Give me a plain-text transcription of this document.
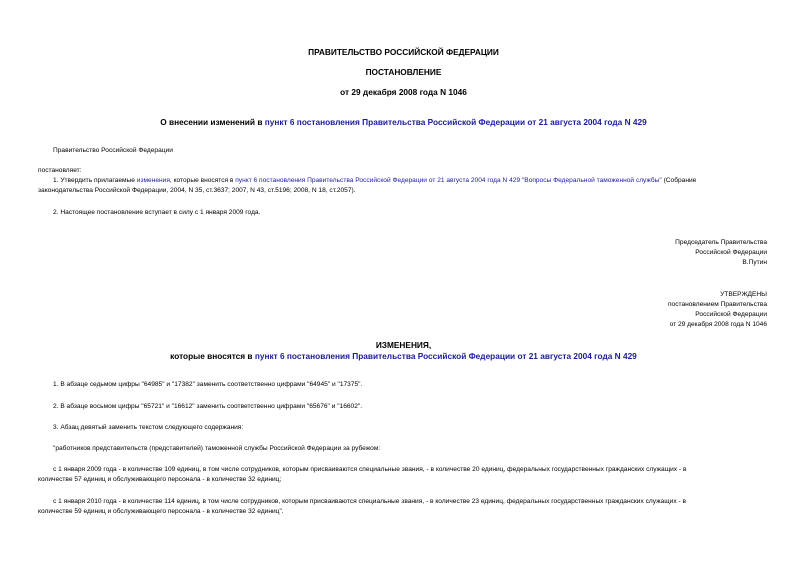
ПРАВИТЕЛЬСТВО РОССИЙСКОЙ ФЕДЕРАЦИИ
ПОСТАНОВЛЕНИЕ
от 29 декабря 2008 года N 1046
О внесении изменений в пункт 6 постановления Правительства Российской Федерации от 21 августа 2004 года N 429
Правительство Российской Федерации
постановляет:
1. Утвердить прилагаемые изменения, которые вносятся в пункт 6 постановления Правительства Российской Федерации от 21 августа 2004 года N 429 "Вопросы Федеральной таможенной службы" (Собрание
законодательства Российской Федерации, 2004, N 35, ст.3637; 2007, N 43, ст.5196; 2008, N 18, ст.2057).
2. Настоящее постановление вступает в силу с 1 января 2009 года.
Председатель Правительства
Российской Федерации
В.Путин
УТВЕРЖДЕНЫ
постановлением Правительства
Российской Федерации
от 29 декабря 2008 года N 1046
ИЗМЕНЕНИЯ,
которые вносятся в пункт 6 постановления Правительства Российской Федерации от 21 августа 2004 года N 429
1. В абзаце седьмом цифры "64985" и "17382" заменить соответственно цифрами "64945" и "17375".
2. В абзаце восьмом цифры "65721" и "16612" заменить соответственно цифрами "65676" и "16602".
3. Абзац девятый заменить текстом следующего содержания:
"работников представительств (представителей) таможенной службы Российской Федерации за рубежом:
с 1 января 2009 года - в количестве 109 единиц, в том числе сотрудников, которым присваиваются специальные звания, - в количестве 20 единиц, федеральных государственных гражданских служащих - в
количестве 57 единиц и обслуживающего персонала - в количестве 32 единиц;
с 1 января 2010 года - в количестве 114 единиц, в том числе сотрудников, которым присваиваются специальные звания, - в количестве 23 единиц, федеральных государственных гражданских служащих - в
количестве 59 единиц и обслуживающего персонала - в количестве 32 единиц".
